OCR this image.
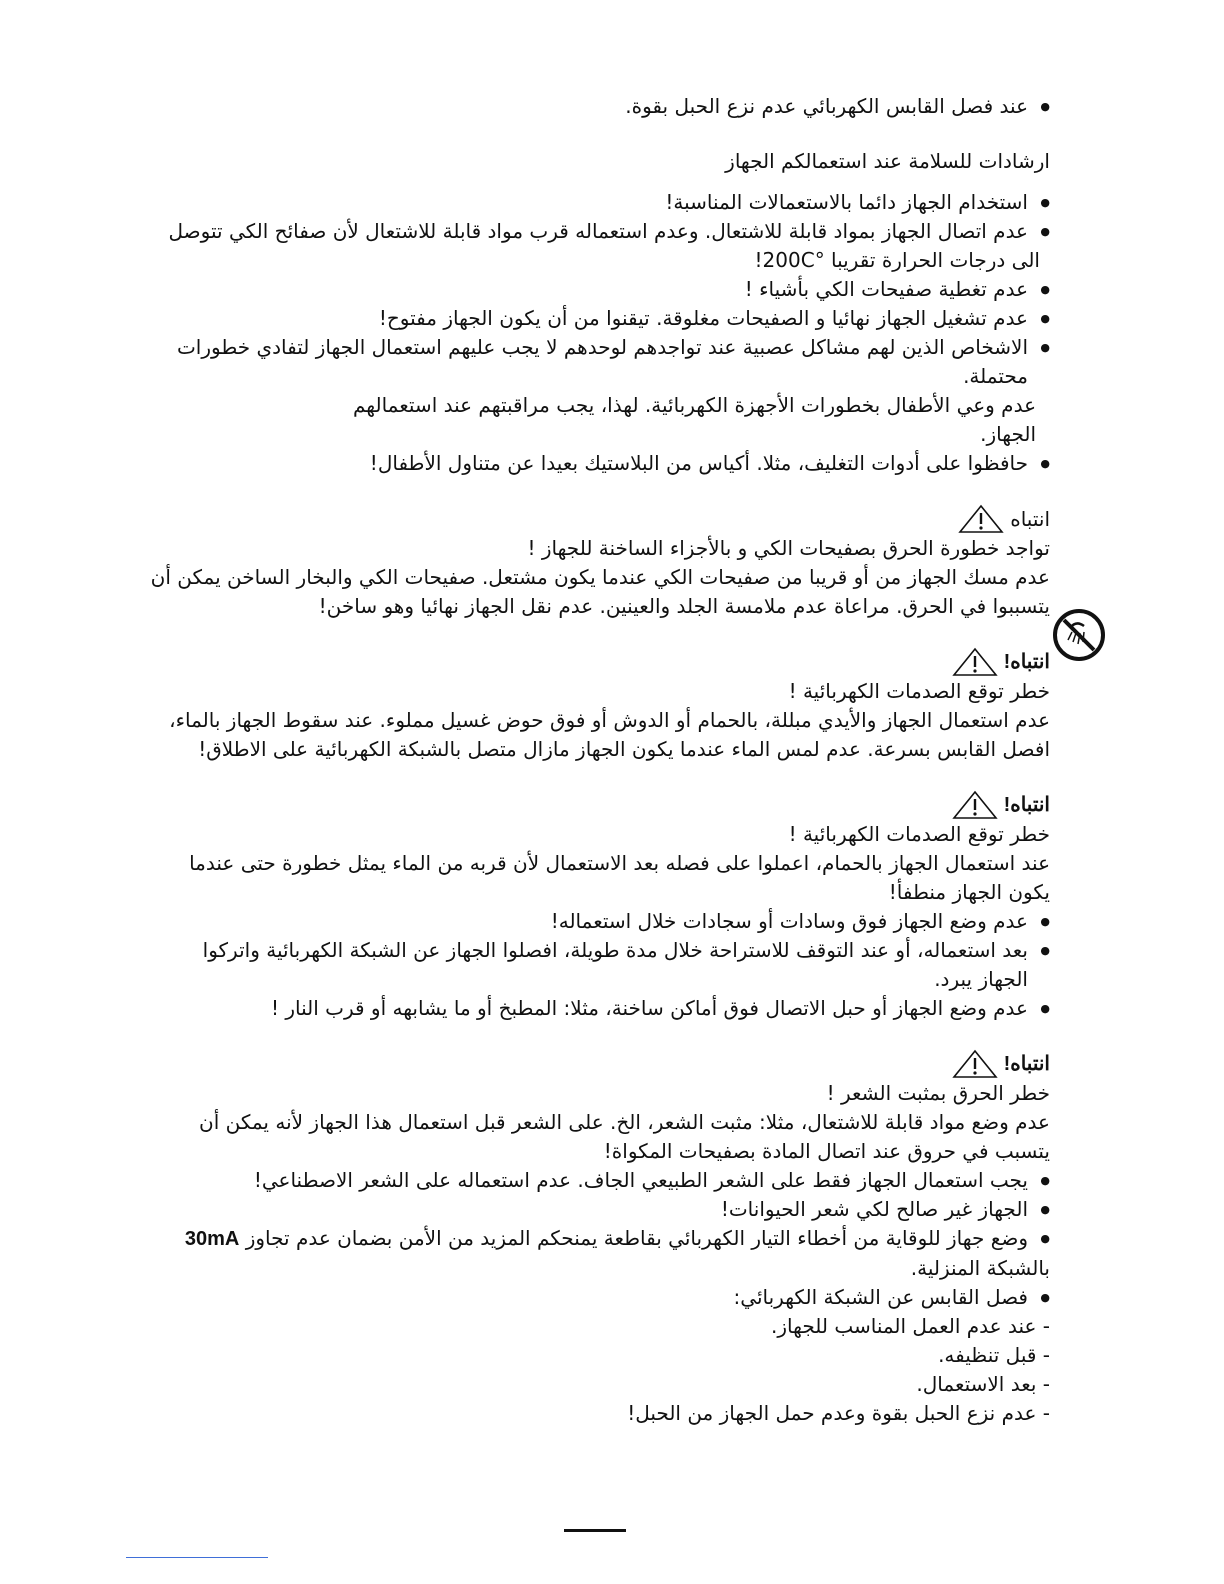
● عند فصل القابس الكهربائي عدم نزع الحبل بقوة.

ارشادات للسلامة عند استعمالكم الجهاز

● استخدام الجهاز دائما بالاستعمالات المناسبة!

● عدم اتصال الجهاز بمواد قابلة للاشتعال. وعدم استعماله قرب مواد قابلة للاشتعال لأن صفائح الكي تتوصل

الى درجات الحرارة تقريبا °200C!

● عدم تغطية صفيحات الكي بأشياء !

● عدم تشغيل الجهاز نهائيا و الصفيحات مغلوقة. تيقنوا من أن يكون الجهاز مفتوح!

● الاشخاص الذين لهم مشاكل عصبية عند تواجدهم لوحدهم لا يجب عليهم استعمال الجهاز لتفادي خطورات محتملة.

عدم وعي الأطفال بخطورات الأجهزة الكهربائية. لهذا، يجب مراقبتهم عند استعمالهم الجهاز.

● حافظوا على أدوات التغليف، مثلا. أكياس من البلاستيك بعيدا عن متناول الأطفال!

انتباه

تواجد خطورة الحرق بصفيحات الكي و بالأجزاء الساخنة للجهاز !

عدم مسك الجهاز من أو قريبا من صفيحات الكي عندما يكون مشتعل. صفيحات الكي والبخار الساخن يمكن أن يتسببوا في الحرق. مراعاة عدم ملامسة الجلد والعينين. عدم نقل الجهاز نهائيا وهو ساخن!

انتباه!

خطر توقع الصدمات الكهربائية !

عدم استعمال الجهاز والأيدي مبللة، بالحمام أو الدوش أو فوق حوض غسيل مملوء. عند سقوط الجهاز بالماء، افصل القابس بسرعة. عدم لمس الماء عندما يكون الجهاز مازال متصل بالشبكة الكهربائية على الاطلاق!

انتباه!

خطر توقع الصدمات الكهربائية !

عند استعمال الجهاز بالحمام، اعملوا على فصله بعد الاستعمال لأن قربه من الماء يمثل خطورة حتى عندما يكون الجهاز منطفأ!

● عدم وضع الجهاز فوق وسادات أو سجادات خلال استعماله!

● بعد استعماله، أو عند التوقف للاستراحة خلال مدة طويلة، افصلوا الجهاز عن الشبكة الكهربائية واتركوا الجهاز يبرد.

● عدم وضع الجهاز أو حبل الاتصال فوق أماكن ساخنة، مثلا: المطبخ أو ما يشابهه أو قرب النار !

انتباه!

خطر الحرق بمثبت الشعر !

عدم وضع مواد قابلة للاشتعال، مثلا: مثبت الشعر، الخ. على الشعر قبل استعمال هذا الجهاز لأنه يمكن أن يتسبب في حروق عند اتصال المادة بصفيحات المكواة!

● يجب استعمال الجهاز فقط على الشعر الطبيعي الجاف. عدم استعماله على الشعر الاصطناعي!

● الجهاز غير صالح لكي شعر الحيوانات!

● وضع جهاز للوقاية من أخطاء التيار الكهربائي بقاطعة يمنحكم المزيد من الأمن بضمان عدم تجاوز 30mA

بالشبكة المنزلية.

● فصل القابس عن الشبكة الكهربائي:

- عند عدم العمل المناسب للجهاز.

- قبل تنظيفه.

- بعد الاستعمال.

- عدم نزع الحبل بقوة وعدم حمل الجهاز من الحبل!
